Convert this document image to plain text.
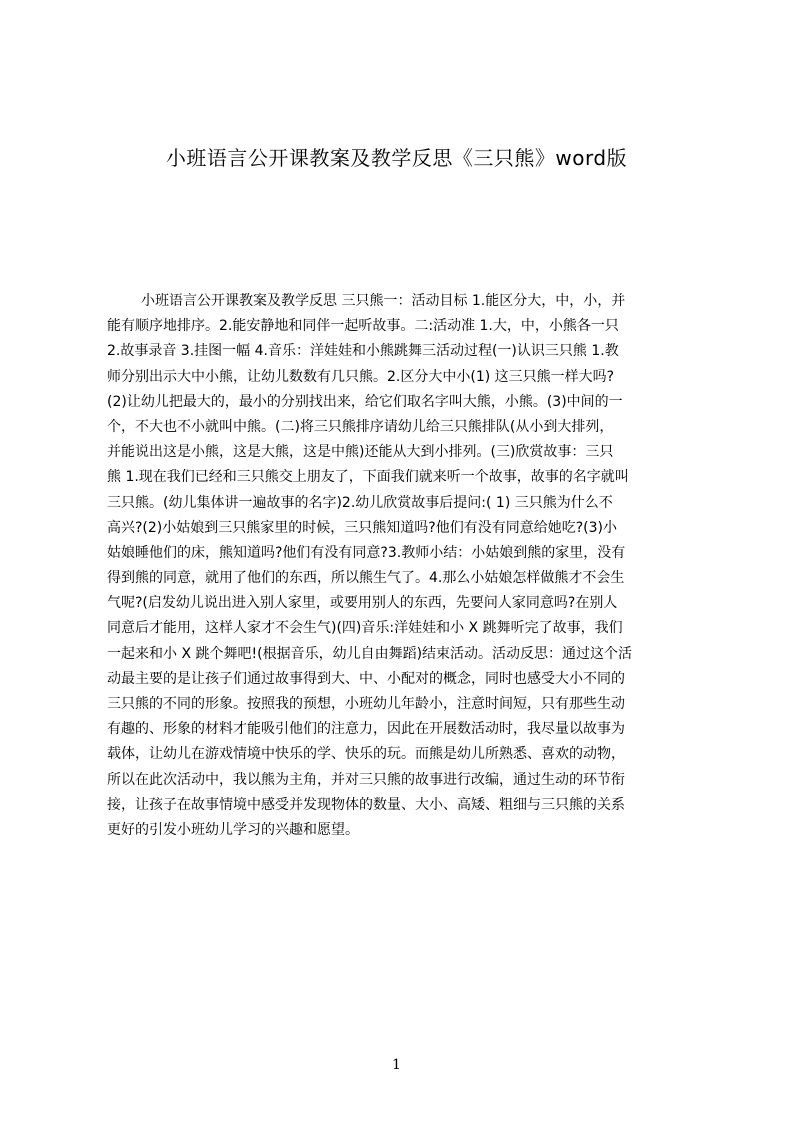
小班语言公开课教案及教学反思《三只熊》word版
小班语言公开课教案及教学反思 三只熊一：活动目标 1.能区分大，中，小，并
能有顺序地排序。2.能安静地和同伴一起听故事。二:活动准 1.大，中，小熊各一只
2.故事录音 3.挂图一幅 4.音乐：洋娃娃和小熊跳舞三活动过程(一)认识三只熊 1.教
师分别出示大中小熊，让幼儿数数有几只熊。2.区分大中小(1) 这三只熊一样大吗?
(2)让幼儿把最大的，最小的分别找出来，给它们取名字叫大熊，小熊。(3)中间的一
个，不大也不小就叫中熊。(二)将三只熊排序请幼儿给三只熊排队(从小到大排列，
并能说出这是小熊，这是大熊，这是中熊)还能从大到小排列。(三)欣赏故事：三只
熊 1.现在我们已经和三只熊交上朋友了，下面我们就来听一个故事，故事的名字就叫
三只熊。(幼儿集体讲一遍故事的名字)2.幼儿欣赏故事后提问:( 1) 三只熊为什么不
高兴?(2)小姑娘到三只熊家里的时候，三只熊知道吗?他们有没有同意给她吃?(3)小
姑娘睡他们的床，熊知道吗?他们有没有同意?3.教师小结：小姑娘到熊的家里，没有
得到熊的同意，就用了他们的东西，所以熊生气了。4.那么小姑娘怎样做熊才不会生
气呢?(启发幼儿说出进入别人家里，或要用别人的东西，先要问人家同意吗?在别人
同意后才能用，这样人家才不会生气)(四)音乐:洋娃娃和小 X 跳舞听完了故事，我们
一起来和小 X 跳个舞吧!(根据音乐，幼儿自由舞蹈)结束活动。活动反思：通过这个活
动最主要的是让孩子们通过故事得到大、中、小配对的概念，同时也感受大小不同的
三只熊的不同的形象。按照我的预想，小班幼儿年龄小，注意时间短，只有那些生动
有趣的、形象的材料才能吸引他们的注意力，因此在开展数活动时，我尽量以故事为
载体，让幼儿在游戏情境中快乐的学、快乐的玩。而熊是幼儿所熟悉、喜欢的动物，
所以在此次活动中，我以熊为主角，并对三只熊的故事进行改编，通过生动的环节衔
接，让孩子在故事情境中感受并发现物体的数量、大小、高矮、粗细与三只熊的关系
更好的引发小班幼儿学习的兴趣和愿望。
1
